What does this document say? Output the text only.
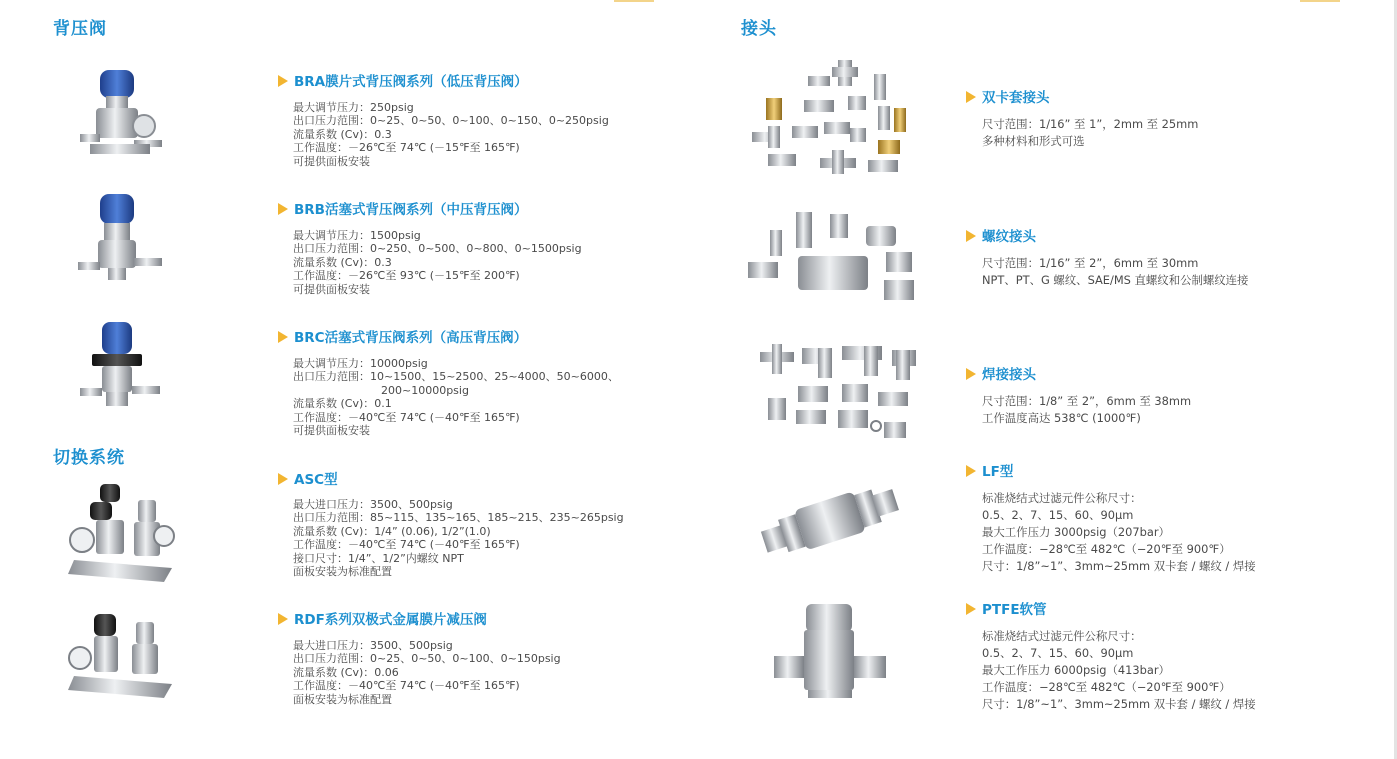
背压阀
切换系统
接头
BRA膜片式背压阀系列（低压背压阀）
最大调节压力：250psig
出口压力范围：0~25、0~50、0~100、0~150、0~250psig
流量系数 (Cv)：0.3
工作温度：－26℃至 74℃ (－15℉至 165℉)
可提供面板安装
BRB活塞式背压阀系列（中压背压阀）
最大调节压力：1500psig
出口压力范围：0~250、0~500、0~800、0~1500psig
流量系数 (Cv)：0.3
工作温度：－26℃至 93℃ (－15℉至 200℉)
可提供面板安装
BRC活塞式背压阀系列（高压背压阀）
最大调节压力：10000psig
出口压力范围：10~1500、15~2500、25~4000、50~6000、
　　　　　　　　200~10000psig
流量系数 (Cv)：0.1
工作温度：－40℃至 74℃ (－40℉至 165℉)
可提供面板安装
ASC型
最大进口压力：3500、500psig
出口压力范围：85~115、135~165、185~215、235~265psig
流量系数 (Cv)：1/4” (0.06), 1/2”(1.0)
工作温度：－40℃至 74℃ (－40℉至 165℉)
接口尺寸：1/4”、1/2”内螺纹 NPT
面板安装为标准配置
RDF系列双极式金属膜片减压阀
最大进口压力：3500、500psig
出口压力范围：0~25、0~50、0~100、0~150psig
流量系数 (Cv)：0.06
工作温度：－40℃至 74℃ (－40℉至 165℉)
面板安装为标准配置
双卡套接头
尺寸范围：1/16” 至 1”，2mm 至 25mm
多种材料和形式可选
螺纹接头
尺寸范围：1/16” 至 2”，6mm 至 30mm
NPT、PT、G 螺纹、SAE/MS 直螺纹和公制螺纹连接
焊接接头
尺寸范围：1/8” 至 2”，6mm 至 38mm
工作温度高达 538℃ (1000℉)
LF型
标准烧结式过滤元件公称尺寸：
0.5、2、7、15、60、90μm
最大工作压力 3000psig（207bar）
工作温度：−28℃至 482℃（−20℉至 900℉）
尺寸：1/8”~1”、3mm~25mm 双卡套 / 螺纹 / 焊接
PTFE软管
标准烧结式过滤元件公称尺寸：
0.5、2、7、15、60、90μm
最大工作压力 6000psig（413bar）
工作温度：−28℃至 482℃（−20℉至 900℉）
尺寸：1/8”~1”、3mm~25mm 双卡套 / 螺纹 / 焊接
